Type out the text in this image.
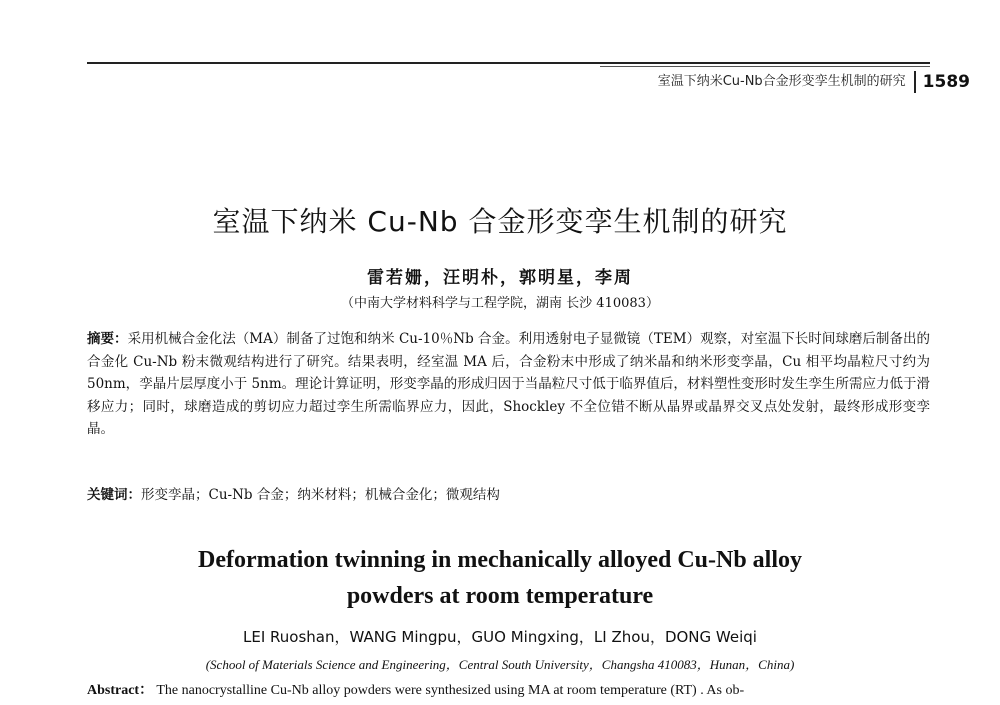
室温下纳米Cu-Nb合金形变孪生机制的研究	1589
室温下纳米 Cu-Nb 合金形变孪生机制的研究
雷若姗，汪明朴，郭明星，李周
（中南大学材料科学与工程学院，湖南 长沙 410083）
摘要：采用机械合金化法（MA）制备了过饱和纳米 Cu-10％Nb 合金。利用透射电子显微镜（TEM）观察，对室温下长时间球磨后制备出的合金化 Cu-Nb 粉末微观结构进行了研究。结果表明，经室温 MA 后，合金粉末中形成了纳米晶和纳米形变孪晶，Cu 相平均晶粒尺寸约为 50nm，孪晶片层厚度小于 5nm。理论计算证明，形变孪晶的形成归因于当晶粒尺寸低于临界值后，材料塑性变形时发生孪生所需应力低于滑移应力；同时，球磨造成的剪切应力超过孪生所需临界应力，因此，Shockley 不全位错不断从晶界或晶界交叉点处发射，最终形成形变孪晶。
关键词：形变孪晶；Cu-Nb 合金；纳米材料；机械合金化；微观结构
Deformation twinning in mechanically alloyed Cu-Nb alloy
powders at room temperature
LEI Ruoshan，WANG Mingpu，GUO Mingxing，LI Zhou，DONG Weiqi
(School of Materials Science and Engineering，Central South University，Changsha 410083，Hunan，China)
Abstract： The nanocrystalline Cu-Nb alloy powders were synthesized using MA at room temperature (RT) . As ob-
